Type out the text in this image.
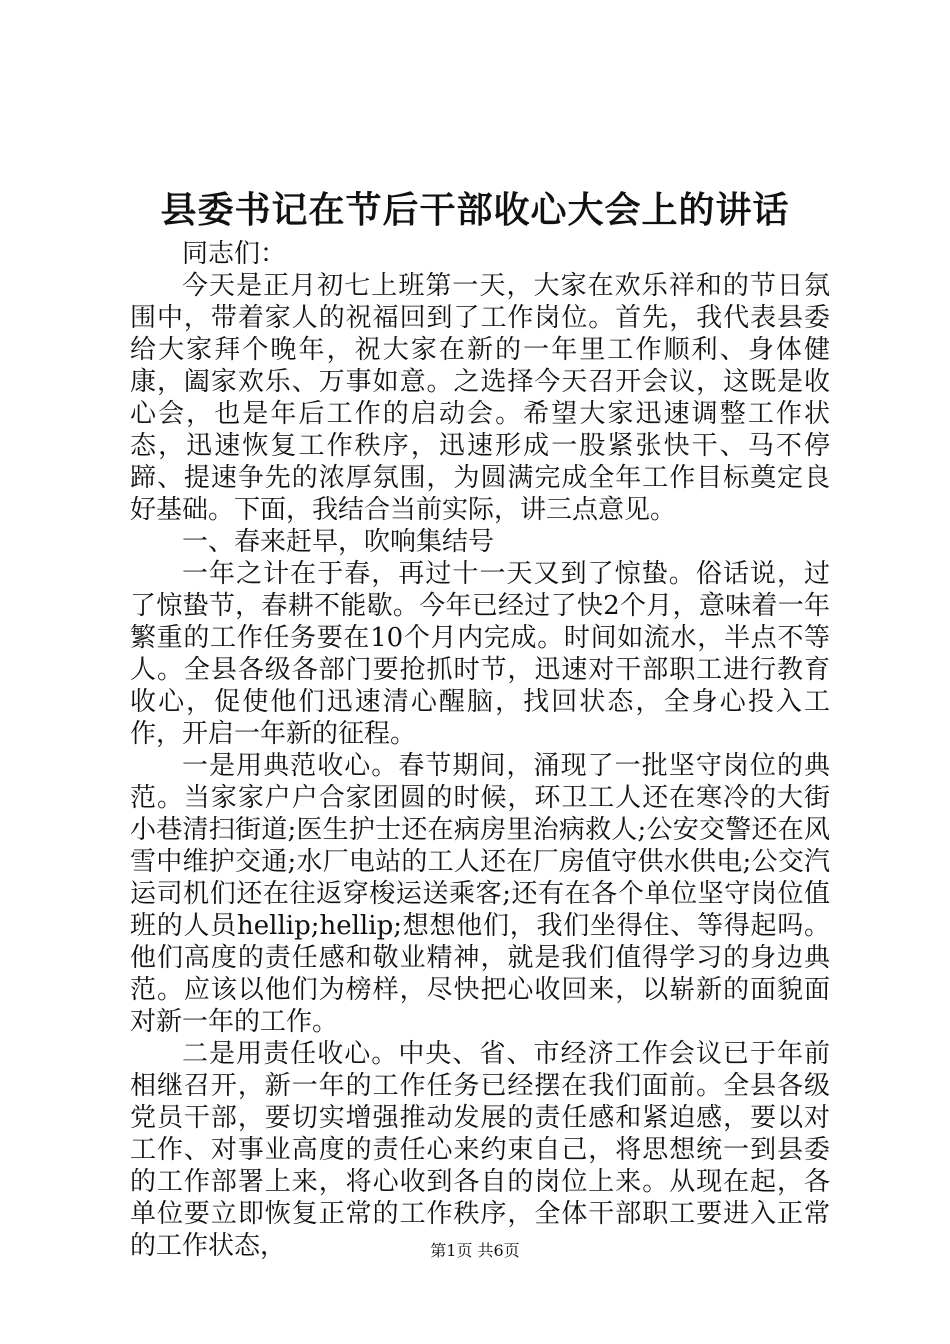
县委书记在节后干部收心大会上的讲话

同志们：

今天是正月初七上班第一天，大家在欢乐祥和的节日氛围中，带着家人的祝福回到了工作岗位。首先，我代表县委给大家拜个晚年，祝大家在新的一年里工作顺利、身体健康，阖家欢乐、万事如意。之选择今天召开会议，这既是收心会，也是年后工作的启动会。希望大家迅速调整工作状态，迅速恢复工作秩序，迅速形成一股紧张快干、马不停蹄、提速争先的浓厚氛围，为圆满完成全年工作目标奠定良好基础。下面，我结合当前实际，讲三点意见。

一、春来赶早，吹响集结号

一年之计在于春，再过十一天又到了惊蛰。俗话说，过了惊蛰节，春耕不能歇。今年已经过了快2个月，意味着一年繁重的工作任务要在10个月内完成。时间如流水，半点不等人。全县各级各部门要抢抓时节，迅速对干部职工进行教育收心，促使他们迅速清心醒脑，找回状态，全身心投入工作，开启一年新的征程。

一是用典范收心。春节期间，涌现了一批坚守岗位的典范。当家家户户合家团圆的时候，环卫工人还在寒冷的大街小巷清扫街道;医生护士还在病房里治病救人;公安交警还在风雪中维护交通;水厂电站的工人还在厂房值守供水供电;公交汽运司机们还在往返穿梭运送乘客;还有在各个单位坚守岗位值班的人员hellip;hellip;想想他们，我们坐得住、等得起吗。他们高度的责任感和敬业精神，就是我们值得学习的身边典范。应该以他们为榜样，尽快把心收回来，以崭新的面貌面对新一年的工作。

二是用责任收心。中央、省、市经济工作会议已于年前相继召开，新一年的工作任务已经摆在我们面前。全县各级党员干部，要切实增强推动发展的责任感和紧迫感，要以对工作、对事业高度的责任心来约束自己，将思想统一到县委的工作部署上来，将心收到各自的岗位上来。从现在起，各单位要立即恢复正常的工作秩序，全体干部职工要进入正常的工作状态，	第1页 共6页
